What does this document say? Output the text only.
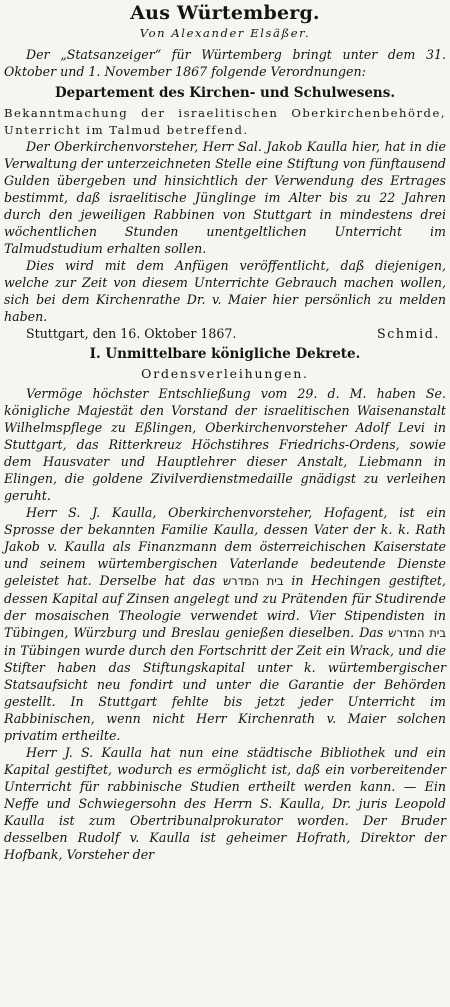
Aus Würtemberg.
Von Alexander Elsäßer.

Der „Statsanzeiger“ für Würtemberg bringt unter dem 31. Oktober und 1. November 1867 folgende Verordnungen:

Departement des Kirchen- und Schulwesens.

Bekanntmachung der israelitischen Oberkirchenbehörde, Unterricht im Talmud betreffend.

Der Oberkirchenvorsteher, Herr Sal. Jakob Kaulla hier, hat in die Verwaltung der unterzeichneten Stelle eine Stiftung von fünftausend Gulden übergeben und hinsichtlich der Verwendung des Ertrages bestimmt, daß israelitische Jünglinge im Alter bis zu 22 Jahren durch den jeweiligen Rabbinen von Stuttgart in mindestens drei wöchentlichen Stunden unentgeltlichen Unterricht im Talmudstudium erhalten sollen.

Dies wird mit dem Anfügen veröffentlicht, daß diejenigen, welche zur Zeit von diesem Unterrichte Gebrauch machen wollen, sich bei dem Kirchenrathe Dr. v. Maier hier persönlich zu melden haben.

Stuttgart, den 16. Oktober 1867.	Schmid.
I. Unmittelbare königliche Dekrete.
Ordensverleihungen.

Vermöge höchster Entschließung vom 29. d. M. haben Se. königliche Majestät den Vorstand der israelitischen Waisenanstalt Wilhelmspflege zu Eßlingen, Oberkirchenvorsteher Adolf Levi in Stuttgart, das Ritterkreuz Höchstihres Friedrichs-Ordens, sowie dem Hausvater und Hauptlehrer dieser Anstalt, Liebmann in Elingen, die goldene Zivilverdienstmedaille gnädigst zu verleihen geruht.

Herr S. J. Kaulla, Oberkirchenvorsteher, Hofagent, ist ein Sprosse der bekannten Familie Kaulla, dessen Vater der k. k. Rath Jakob v. Kaulla als Finanzmann dem österreichischen Kaiserstate und seinem würtembergischen Vaterlande bedeutende Dienste geleistet hat. Derselbe hat das בית המדרש in Hechingen gestiftet, dessen Kapital auf Zinsen angelegt und zu Prätenden für Studirende der mosaischen Theologie verwendet wird. Vier Stipendisten in Tübingen, Würzburg und Breslau genießen dieselben. Das בית המדרש in Tübingen wurde durch den Fortschritt der Zeit ein Wrack, und die Stifter haben das Stiftungskapital unter k. würtembergischer Statsaufsicht neu fondirt und unter die Garantie der Behörden gestellt. In Stuttgart fehlte bis jetzt jeder Unterricht im Rabbinischen, wenn nicht Herr Kirchenrath v. Maier solchen privatim ertheilte.

Herr J. S. Kaulla hat nun eine städtische Bibliothek und ein Kapital gestiftet, wodurch es ermöglicht ist, daß ein vorbereitender Unterricht für rabbinische Studien ertheilt werden kann. — Ein Neffe und Schwiegersohn des Herrn S. Kaulla, Dr. juris Leopold Kaulla ist zum Obertribunalprokurator worden. Der Bruder desselben Rudolf v. Kaulla ist geheimer Hofrath, Direktor der Hofbank, Vorsteher der
